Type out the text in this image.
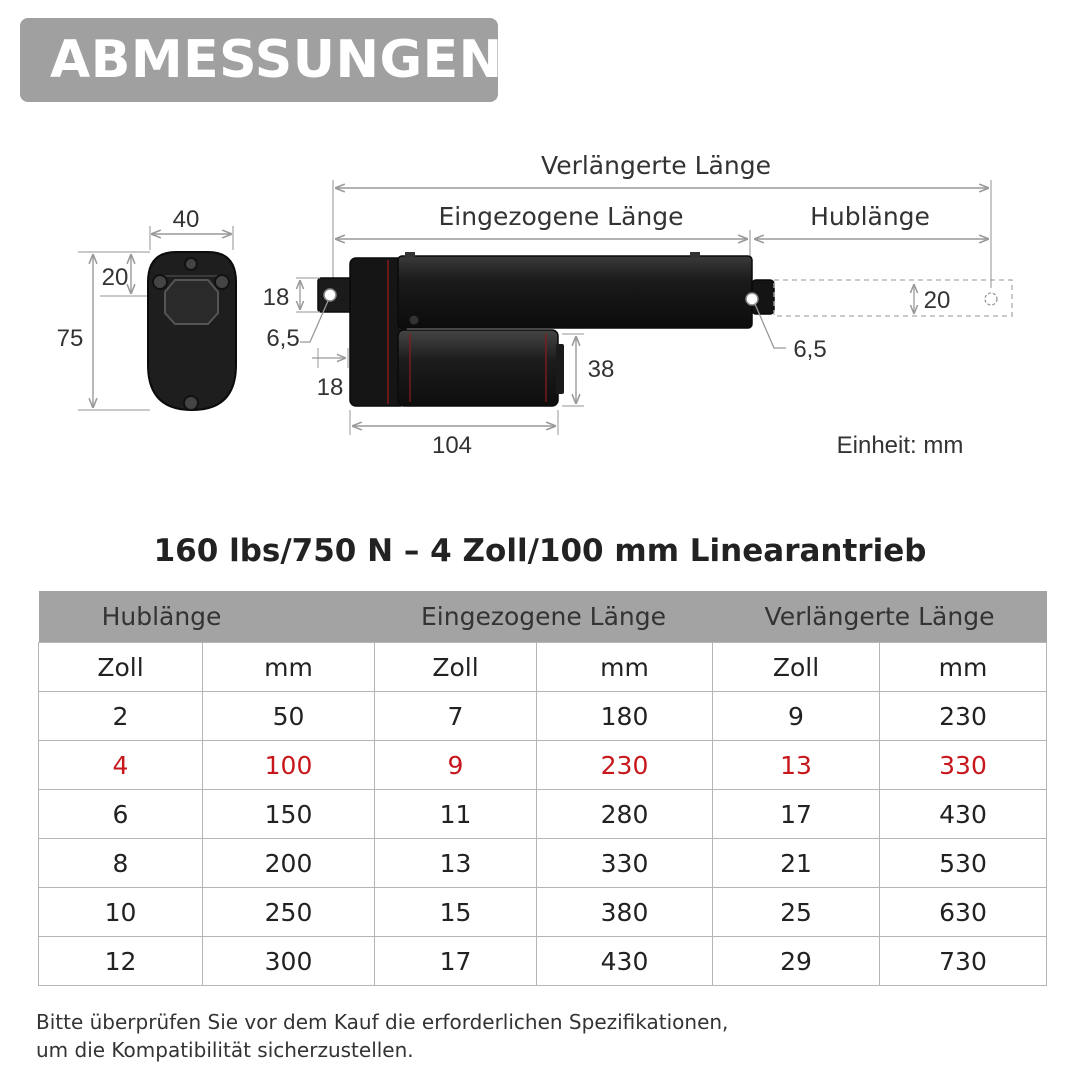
ABMESSUNGEN:
40
75
20
Verlängerte Länge
Eingezogene Länge	Hublänge
18
6,5
18
104
38
20
6,5
Einheit: mm
160 lbs/750 N – 4 Zoll/100 mm Linearantrieb
Hublänge		Eingezogene Länge		Verlängerte Länge	
Zoll	mm	Zoll	mm	Zoll	mm
2	50	7	180	9	230
4	100	9	230	13	330
6	150	11	280	17	430
8	200	13	330	21	530
10	250	15	380	25	630
12	300	17	430	29	730
Bitte überprüfen Sie vor dem Kauf die erforderlichen Spezifikationen,
um die Kompatibilität sicherzustellen.
